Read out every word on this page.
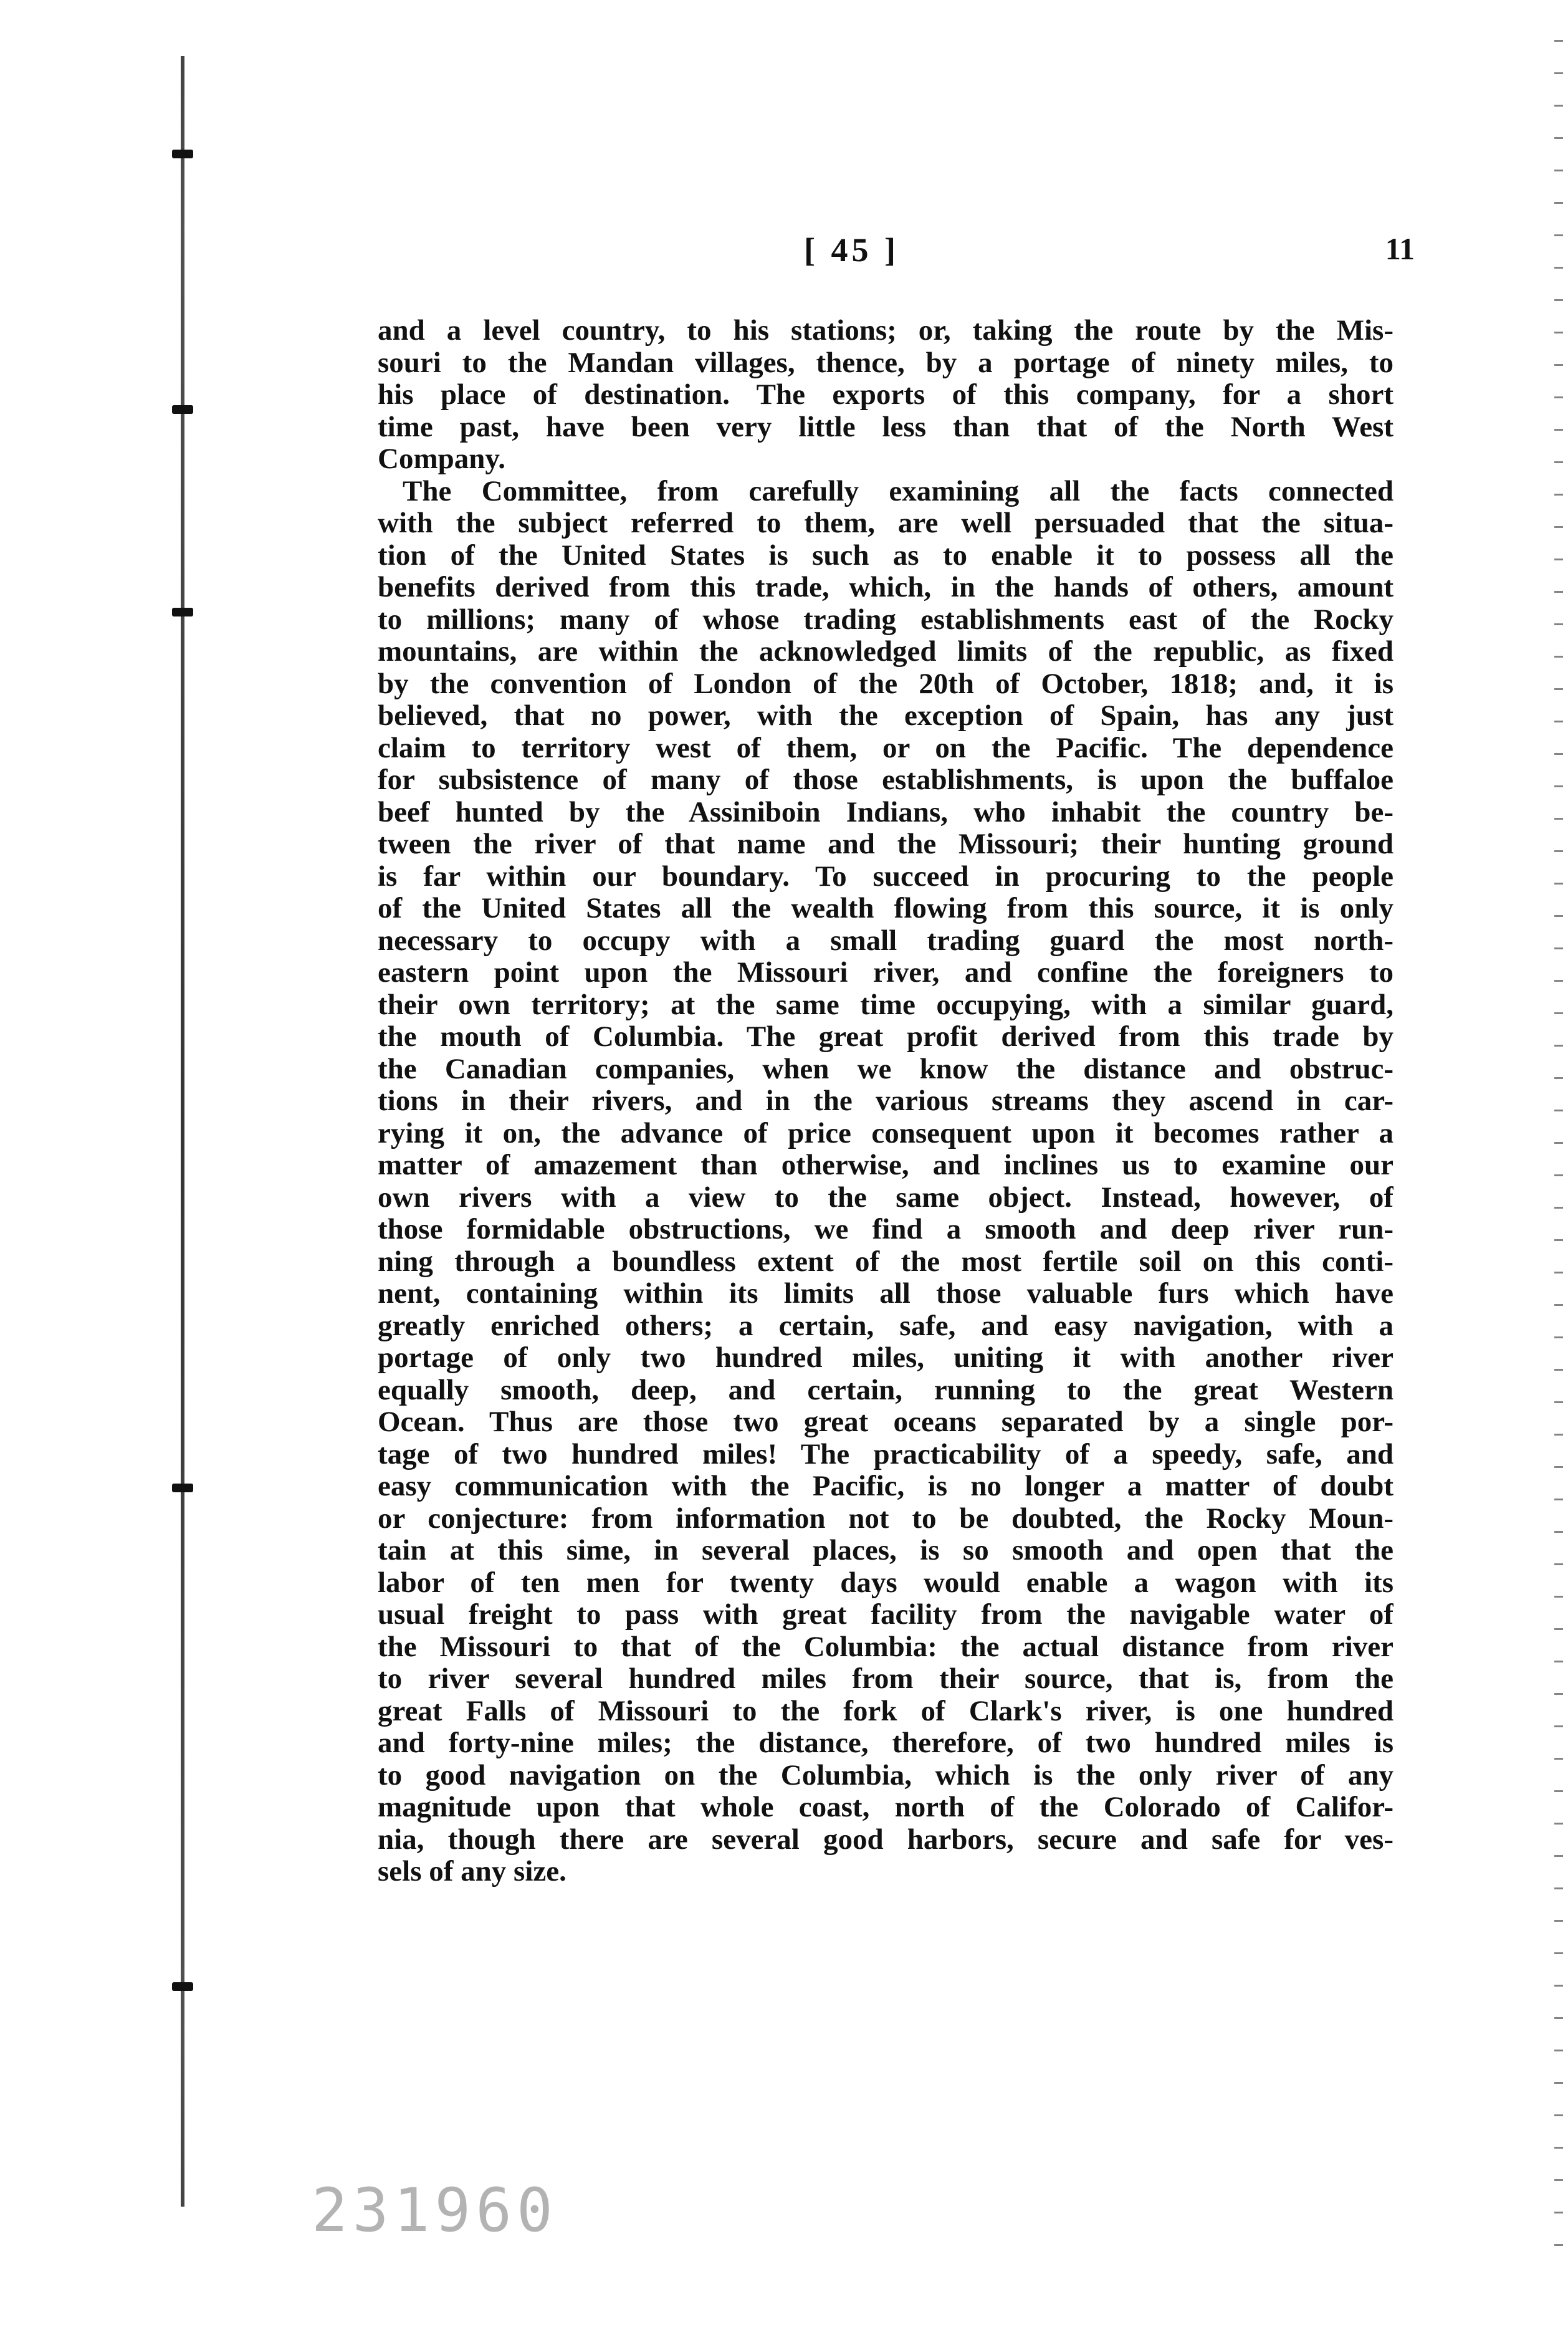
[ 45 ]	11
and a level country, to his stations; or, taking the route by the Mis-
souri to the Mandan villages, thence, by a portage of ninety miles, to
his place of destination. The exports of this company, for a short
time past, have been very little less than that of the North West
Company.
The Committee, from carefully examining all the facts connected
with the subject referred to them, are well persuaded that the situa-
tion of the United States is such as to enable it to possess all the
benefits derived from this trade, which, in the hands of others, amount
to millions; many of whose trading establishments east of the Rocky
mountains, are within the acknowledged limits of the republic, as fixed
by the convention of London of the 20th of October, 1818; and, it is
believed, that no power, with the exception of Spain, has any just
claim to territory west of them, or on the Pacific. The dependence
for subsistence of many of those establishments, is upon the buffaloe
beef hunted by the Assiniboin Indians, who inhabit the country be-
tween the river of that name and the Missouri; their hunting ground
is far within our boundary. To succeed in procuring to the people
of the United States all the wealth flowing from this source, it is only
necessary to occupy with a small trading guard the most north-
eastern point upon the Missouri river, and confine the foreigners to
their own territory; at the same time occupying, with a similar guard,
the mouth of Columbia. The great profit derived from this trade by
the Canadian companies, when we know the distance and obstruc-
tions in their rivers, and in the various streams they ascend in car-
rying it on, the advance of price consequent upon it becomes rather a
matter of amazement than otherwise, and inclines us to examine our
own rivers with a view to the same object. Instead, however, of
those formidable obstructions, we find a smooth and deep river run-
ning through a boundless extent of the most fertile soil on this conti-
nent, containing within its limits all those valuable furs which have
greatly enriched others; a certain, safe, and easy navigation, with a
portage of only two hundred miles, uniting it with another river
equally smooth, deep, and certain, running to the great Western
Ocean. Thus are those two great oceans separated by a single por-
tage of two hundred miles! The practicability of a speedy, safe, and
easy communication with the Pacific, is no longer a matter of doubt
or conjecture: from information not to be doubted, the Rocky Moun-
tain at this sime, in several places, is so smooth and open that the
labor of ten men for twenty days would enable a wagon with its
usual freight to pass with great facility from the navigable water of
the Missouri to that of the Columbia: the actual distance from river
to river several hundred miles from their source, that is, from the
great Falls of Missouri to the fork of Clark's river, is one hundred
and forty-nine miles; the distance, therefore, of two hundred miles is
to good navigation on the Columbia, which is the only river of any
magnitude upon that whole coast, north of the Colorado of Califor-
nia, though there are several good harbors, secure and safe for ves-
sels of any size.
231960
